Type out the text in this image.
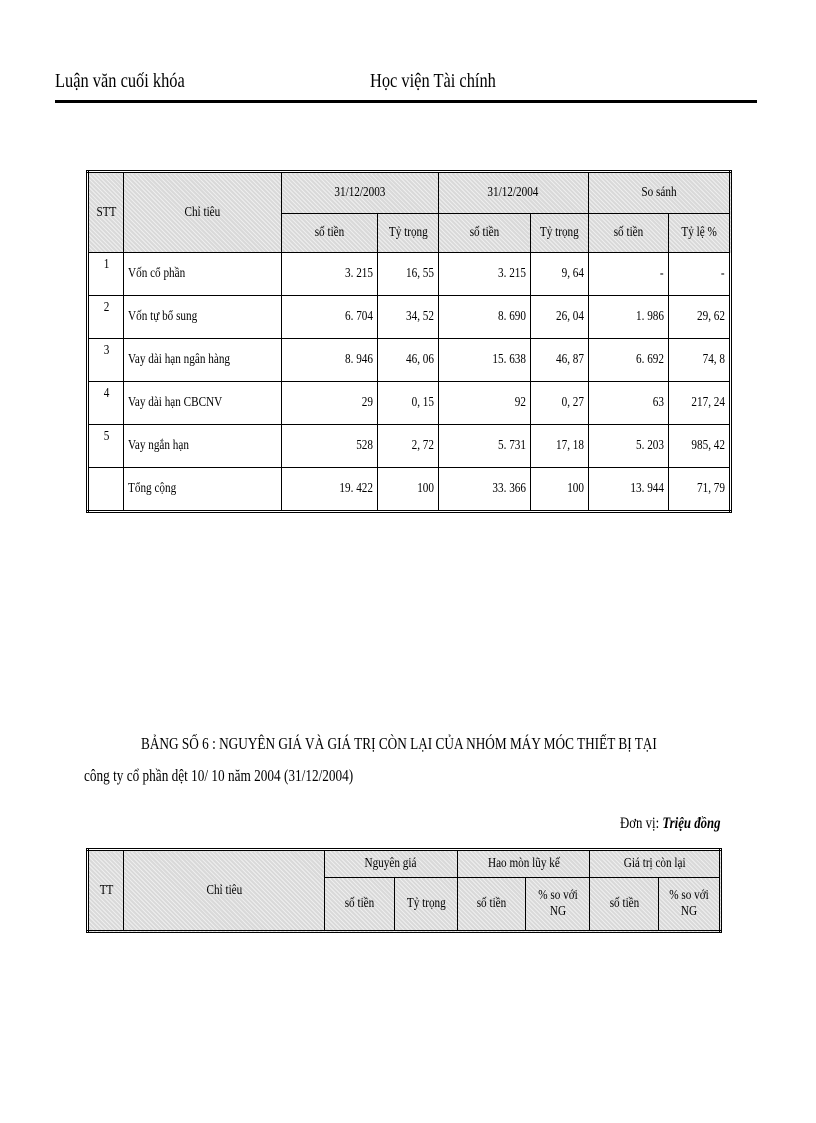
Luận văn cuối khóa	Học viện Tài chính
STT	Chỉ tiêu	31/12/2003		31/12/2004		So sánh	
		số tiền	Tỷ trọng	số tiền	Tỷ trọng	số tiền	Tỷ lệ %
1	Vốn cổ phần	3. 215	16, 55	3. 215	9, 64	-	-
2	Vốn tự bổ sung	6. 704	34, 52	8. 690	26, 04	1. 986	29, 62
3	Vay dài hạn ngân hàng	8. 946	46, 06	15. 638	46, 87	6. 692	74, 8
4	Vay dài hạn CBCNV	29	0, 15	92	0, 27	63	217, 24
5	Vay ngắn hạn	528	2, 72	5. 731	17, 18	5. 203	985, 42
	Tổng cộng	19. 422	100	33. 366	100	13. 944	71, 79
BẢNG SỐ 6 : NGUYÊN GIÁ VÀ GIÁ TRỊ CÒN LẠI CỦA NHÓM MÁY MÓC THIẾT BỊ TẠI
công ty cổ phần dệt 10/ 10 năm 2004 (31/12/2004)
Đơn vị: Triệu đồng
TT	Chỉ tiêu	Nguyên giá		Hao mòn lũy kế		Giá trị còn lại	
		số tiền	Tỷ trọng	số tiền	% so với NG	số tiền	% so với NG
